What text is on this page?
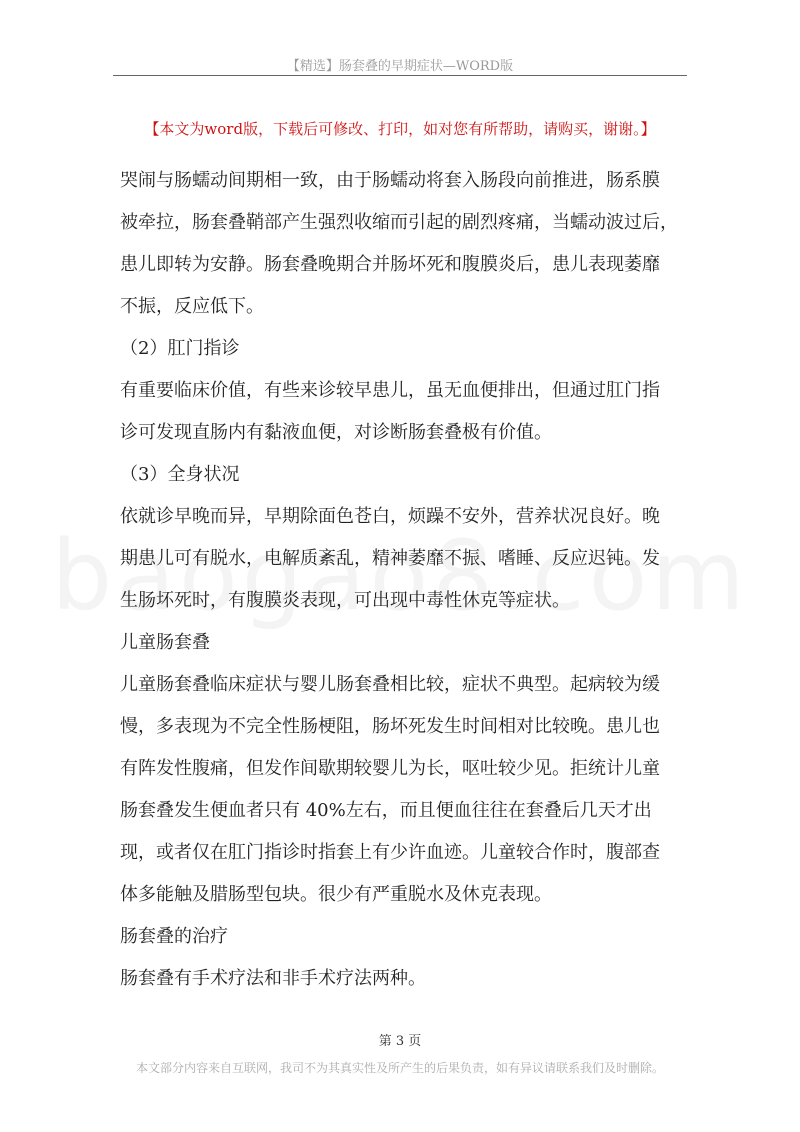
【精选】肠套叠的早期症状—WORD版
【本文为word版，下载后可修改、打印，如对您有所帮助，请购买，谢谢。】
哭闹与肠蠕动间期相一致，由于肠蠕动将套入肠段向前推进，肠系膜
被牵拉，肠套叠鞘部产生强烈收缩而引起的剧烈疼痛，当蠕动波过后，
患儿即转为安静。肠套叠晚期合并肠坏死和腹膜炎后，患儿表现萎靡
不振，反应低下。
（2）肛门指诊
有重要临床价值，有些来诊较早患儿，虽无血便排出，但通过肛门指
诊可发现直肠内有黏液血便，对诊断肠套叠极有价值。
（3）全身状况
依就诊早晚而异，早期除面色苍白，烦躁不安外，营养状况良好。晚
期患儿可有脱水，电解质紊乱，精神萎靡不振、嗜睡、反应迟钝。发
生肠坏死时，有腹膜炎表现，可出现中毒性休克等症状。
儿童肠套叠
儿童肠套叠临床症状与婴儿肠套叠相比较，症状不典型。起病较为缓
慢，多表现为不完全性肠梗阻，肠坏死发生时间相对比较晚。患儿也
有阵发性腹痛，但发作间歇期较婴儿为长，呕吐较少见。拒统计儿童
肠套叠发生便血者只有 40%左右，而且便血往往在套叠后几天才出
现，或者仅在肛门指诊时指套上有少许血迹。儿童较合作时，腹部查
体多能触及腊肠型包块。很少有严重脱水及休克表现。
肠套叠的治疗
肠套叠有手术疗法和非手术疗法两种。
第 3 页
本文部分内容来自互联网，我司不为其真实性及所产生的后果负责，如有异议请联系我们及时删除。
